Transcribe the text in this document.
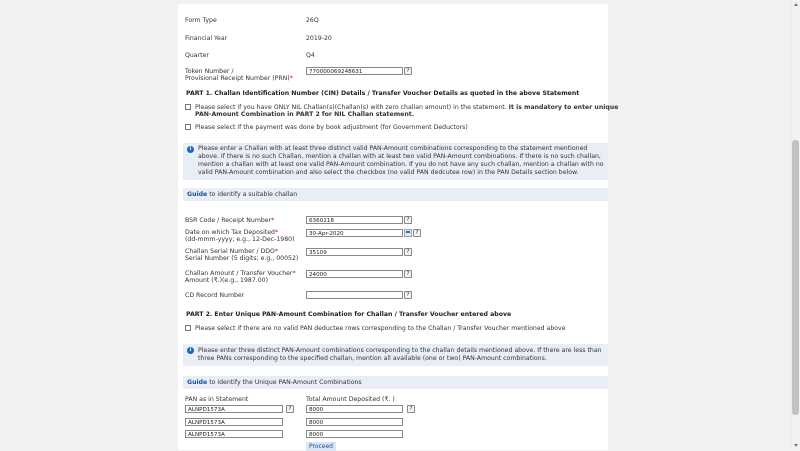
Form Type	26Q
Financial Year	2019-20
Quarter	Q4
Token Number /
Provisional Receipt Number (PRN)*
770000069248631	?
PART 1. Challan Identification Number (CIN) Details / Transfer Voucher Details as quoted in the above Statement
Please select if you have ONLY NIL Challan(s)(Challan(s) with zero challan amount) in the statement. It is mandatory to enter unique
PAN-Amount Combination in PART 2 for NIL Challan statement.
Please select if the payment was done by book adjustment (for Government Deductors)
i	Please enter a Challan with at least three distinct valid PAN-Amount combinations corresponding to the statement mentioned above. If there is no such Challan, mention a challan with at least two valid PAN-Amount combinations. If there is no such challan, mention a challan with at least one valid PAN-Amount combination. If you do not have any such challan, mention a challan with no valid PAN-Amount combination and also select the checkbox (no valid PAN dedcutee row) in the PAN Details section below.
Guide to identify a suitable challan
BSR Code / Receipt Number*	6360218	?
Date on which Tax Deposited*
(dd-mmm-yyyy; e.g., 12-Dec-1980)
30-Apr-2020	?
Challan Serial Number / DDO*
Serial Number (5 digits; e.g., 00052)
35109	?
Challan Amount / Transfer Voucher*
Amount (₹.)(e.g., 1987.00)
24000	?
CD Record Number	?
PART 2. Enter Unique PAN-Amount Combination for Challan / Transfer Voucher entered above
Please select if there are no valid PAN deductee rows corresponding to the Challan / Transfer Voucher mentioned above
i	Please enter three distinct PAN-Amount combinations corresponding to the challan details mentioned above. If there are less than three PANs corresponding to the specified challan, mention all available (one or two) PAN-Amount combinations.
Guide to identify the Unique PAN-Amount Combinations
PAN as in Statement	Total Amount Deposited (₹. )
ALNPD1573A	?	8000	?
ALNPD1573A	8000
ALNPD1573A	8000
Proceed
